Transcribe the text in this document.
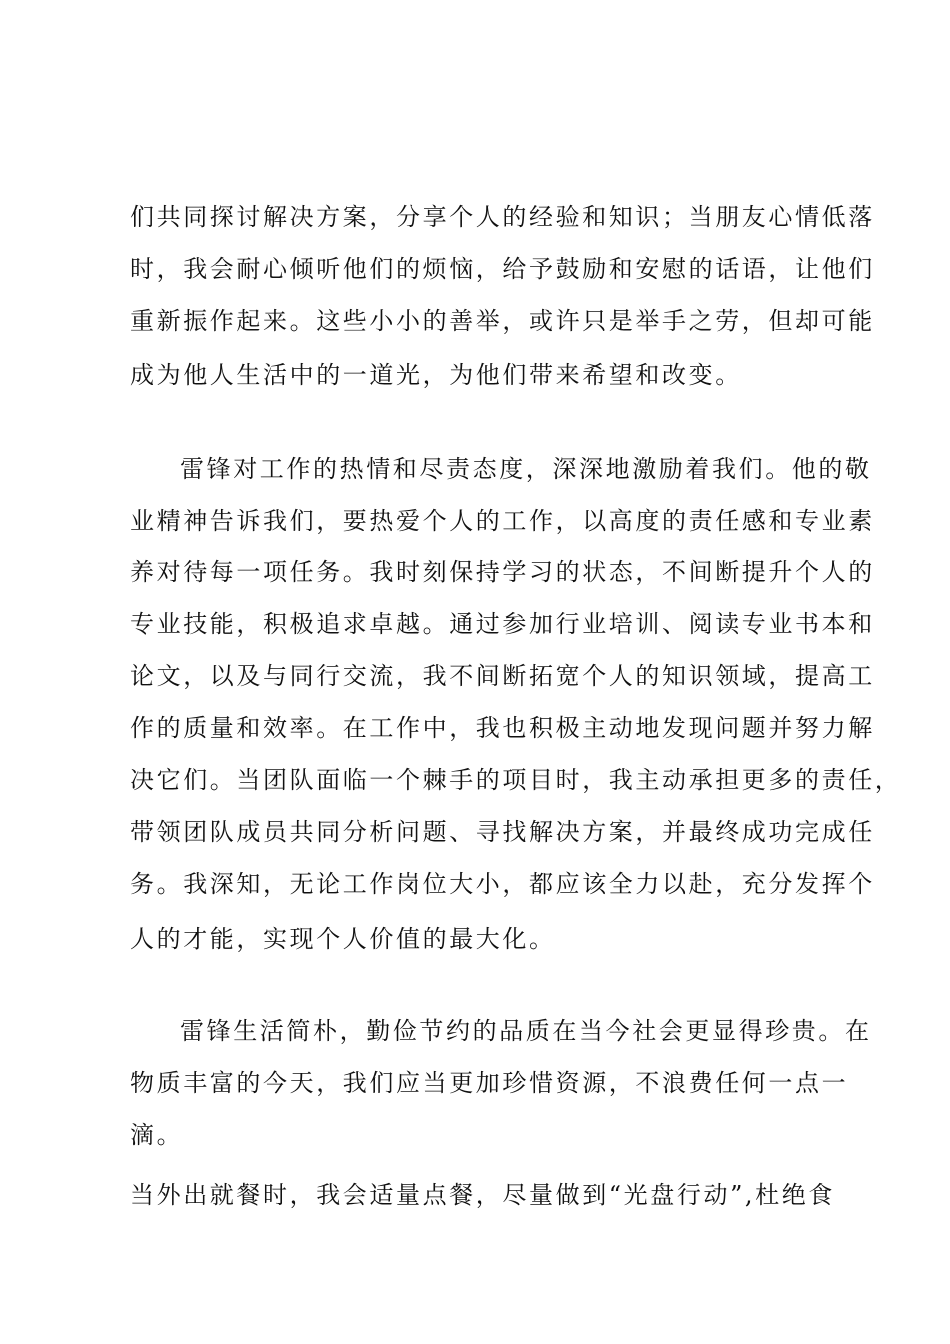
们共同探讨解决方案，分享个人的经验和知识；当朋友心情低落
时，我会耐心倾听他们的烦恼，给予鼓励和安慰的话语，让他们
重新振作起来。这些小小的善举，或许只是举手之劳，但却可能
成为他人生活中的一道光，为他们带来希望和改变。
雷锋对工作的热情和尽责态度，深深地激励着我们。他的敬
业精神告诉我们，要热爱个人的工作，以高度的责任感和专业素
养对待每一项任务。我时刻保持学习的状态，不间断提升个人的
专业技能，积极追求卓越。通过参加行业培训、阅读专业书本和
论文，以及与同行交流，我不间断拓宽个人的知识领域，提高工
作的质量和效率。在工作中，我也积极主动地发现问题并努力解
决它们。当团队面临一个棘手的项目时，我主动承担更多的责任，
带领团队成员共同分析问题、寻找解决方案，并最终成功完成任
务。我深知，无论工作岗位大小，都应该全力以赴，充分发挥个
人的才能，实现个人价值的最大化。
雷锋生活简朴，勤俭节约的品质在当今社会更显得珍贵。在
物质丰富的今天，我们应当更加珍惜资源，不浪费任何一点一
滴。
当外出就餐时，我会适量点餐，尽量做到“光盘行动”,杜绝食
